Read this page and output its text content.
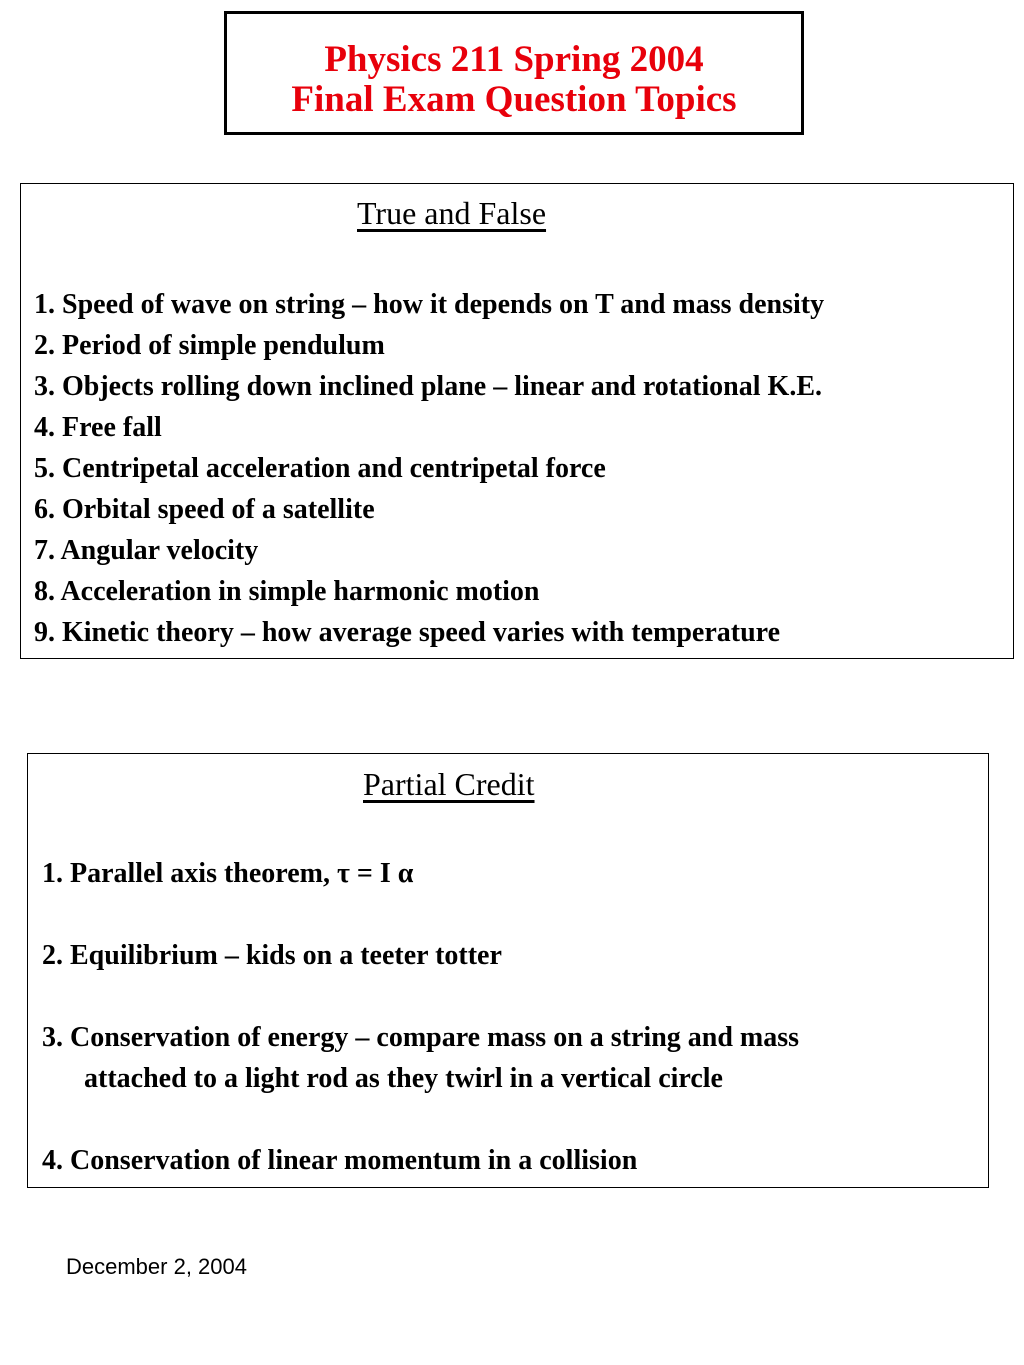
Physics 211 Spring 2004
Final Exam Question Topics
True and False
1. Speed of wave on string – how it depends on T and mass density
2. Period of simple pendulum
3. Objects rolling down inclined plane – linear and rotational K.E.
4. Free fall
5. Centripetal acceleration and centripetal force
6. Orbital speed of a satellite
7. Angular velocity
8. Acceleration in simple harmonic motion
9. Kinetic theory – how average speed varies with temperature
Partial Credit
1. Parallel axis theorem, τ = I α
2. Equilibrium – kids on a teeter totter
3. Conservation of energy – compare mass on a string and mass
attached to a light rod as they twirl in a vertical circle
4. Conservation of linear momentum in a collision
December 2, 2004
